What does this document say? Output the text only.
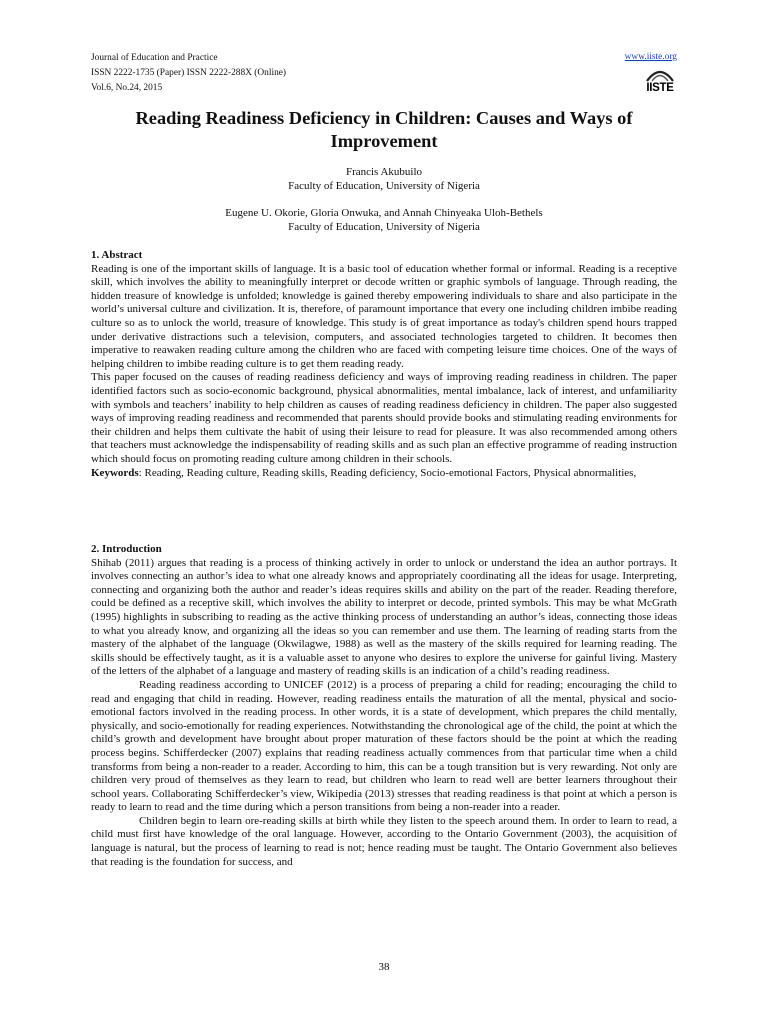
Journal of Education and Practice
ISSN 2222-1735 (Paper) ISSN 2222-288X (Online)
Vol.6, No.24, 2015
www.iiste.org
IISTE
Reading Readiness Deficiency in Children: Causes and Ways of Improvement
Francis Akubuilo
Faculty of Education, University of Nigeria
Eugene U. Okorie, Gloria Onwuka, and Annah Chinyeaka Uloh-Bethels
Faculty of Education, University of Nigeria
1. Abstract

Reading is one of the important skills of language. It is a basic tool of education whether formal or informal. Reading is a receptive skill, which involves the ability to meaningfully interpret or decode written or graphic symbols of language. Through reading, the hidden treasure of knowledge is unfolded; knowledge is gained thereby empowering individuals to share and also participate in the world’s universal culture and civilization. It is, therefore, of paramount importance that every one including children imbibe reading culture so as to unlock the world, treasure of knowledge. This study is of great importance as today's children spend hours trapped under derivative distractions such a television, computers, and associated technologies targeted to children. It becomes then imperative to reawaken reading culture among the children who are faced with competing leisure time choices. One of the ways of helping children to imbibe reading culture is to get them reading ready.

This paper focused on the causes of reading readiness deficiency and ways of improving reading readiness in children. The paper identified factors such as socio-economic background, physical abnormalities, mental imbalance, lack of interest, and unfamiliarity with symbols and teachers’ inability to help children as causes of reading readiness deficiency in children. The paper also suggested ways of improving reading readiness and recommended that parents should provide books and stimulating reading environments for their children and helps them cultivate the habit of using their leisure to read for pleasure. It was also recommended among others that teachers must acknowledge the indispensability of reading skills and as such plan an effective programme of reading instruction which should focus on promoting reading culture among children in their schools.

Keywords: Reading, Reading culture, Reading skills, Reading deficiency, Socio-emotional Factors, Physical abnormalities,

2. Introduction

Shihab (2011) argues that reading is a process of thinking actively in order to unlock or understand the idea an author portrays. It involves connecting an author’s idea to what one already knows and appropriately coordinating all the ideas for usage. Interpreting, connecting and organizing both the author and reader’s ideas requires skills and ability on the part of the reader. Reading therefore, could be defined as a receptive skill, which involves the ability to interpret or decode, printed symbols. This may be what McGrath (1995) highlights in subscribing to reading as the active thinking process of understanding an author’s ideas, connecting those ideas to what you already know, and organizing all the ideas so you can remember and use them. The learning of reading starts from the mastery of the alphabet of the language (Okwilagwe, 1988) as well as the mastery of the skills required for learning reading. The skills should be effectively taught, as it is a valuable asset to anyone who desires to explore the universe for gainful living. Mastery of the letters of the alphabet of a language and mastery of reading skills is an indication of a child’s reading readiness.

Reading readiness according to UNICEF (2012) is a process of preparing a child for reading; encouraging the child to read and engaging that child in reading. However, reading readiness entails the maturation of all the mental, physical and socio-emotional factors involved in the reading process. In other words, it is a state of development, which prepares the child mentally, physically, and socio-emotionally for reading experiences. Notwithstanding the chronological age of the child, the point at which the child’s growth and development have brought about proper maturation of these factors should be the point at which the reading process begins. Schifferdecker (2007) explains that reading readiness actually commences from that particular time when a child transforms from being a non-reader to a reader. According to him, this can be a tough transition but is very rewarding. Not only are children very proud of themselves as they learn to read, but children who learn to read well are better learners throughout their school years. Collaborating Schifferdecker’s view, Wikipedia (2013) stresses that reading readiness is that point at which a person is ready to learn to read and the time during which a person transitions from being a non-reader into a reader.

Children begin to learn ore-reading skills at birth while they listen to the speech around them. In order to learn to read, a child must first have knowledge of the oral language. However, according to the Ontario Government (2003), the acquisition of language is natural, but the process of learning to read is not; hence reading must be taught. The Ontario Government also believes that reading is the foundation for success, and

38
